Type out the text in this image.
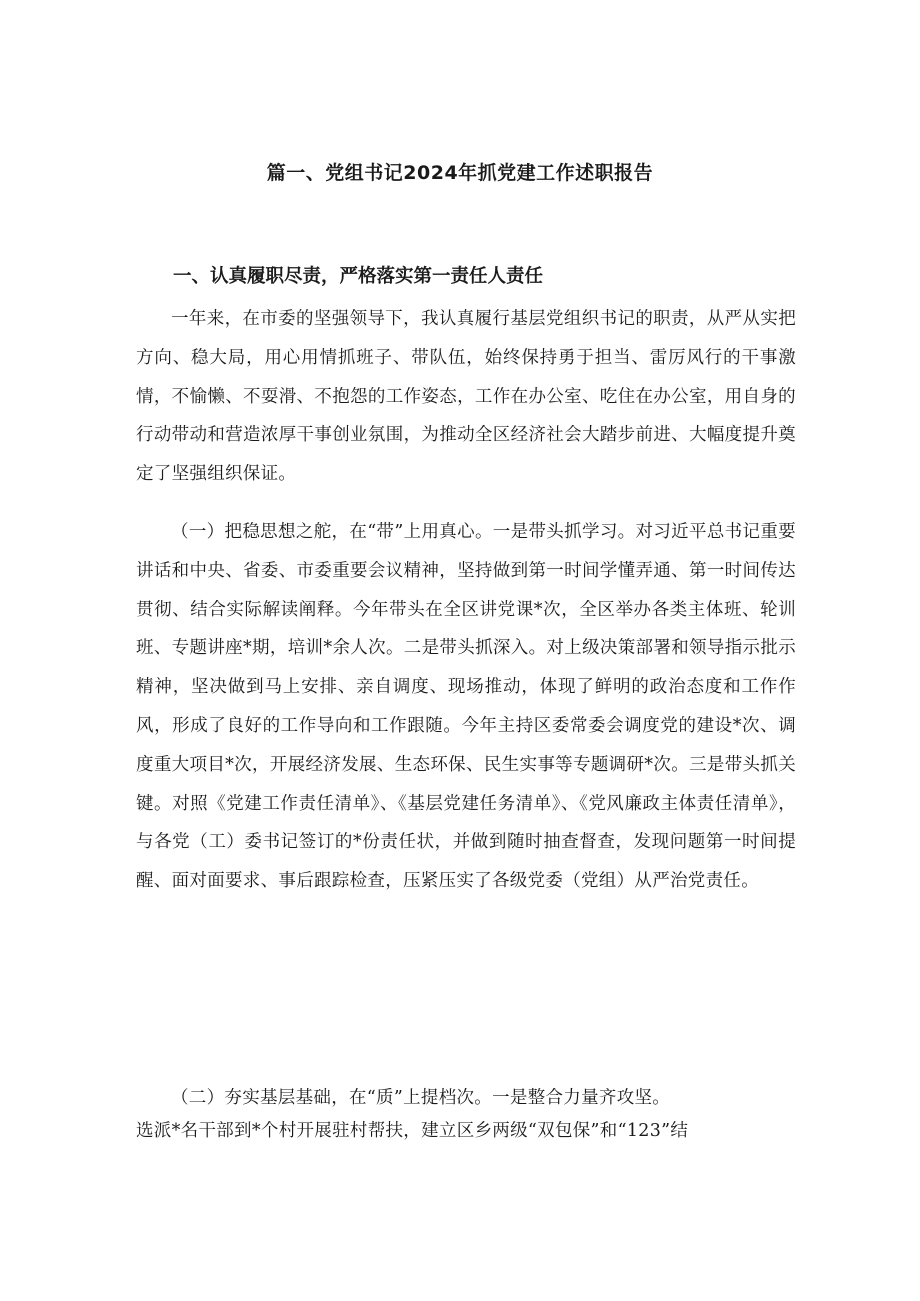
篇一、党组书记2024年抓党建工作述职报告
一、认真履职尽责，严格落实第一责任人责任

一年来，在市委的坚强领导下，我认真履行基层党组织书记的职责，从严从实把方向、稳大局，用心用情抓班子、带队伍，始终保持勇于担当、雷厉风行的干事激情，不愉懒、不耍滑、不抱怨的工作姿态，工作在办公室、吃住在办公室，用自身的行动带动和营造浓厚干事创业氛围，为推动全区经济社会大踏步前进、大幅度提升奠定了坚强组织保证。

（一）把稳思想之舵，在“带”上用真心。一是带头抓学习。对习近平总书记重要讲话和中央、省委、市委重要会议精神，坚持做到第一时间学懂弄通、第一时间传达贯彻、结合实际解读阐释。今年带头在全区讲党课*次，全区举办各类主体班、轮训班、专题讲座*期，培训*余人次。二是带头抓深入。对上级决策部署和领导指示批示精神，坚决做到马上安排、亲自调度、现场推动，体现了鲜明的政治态度和工作作风，形成了良好的工作导向和工作跟随。今年主持区委常委会调度党的建设*次、调度重大项目*次，开展经济发展、生态环保、民生实事等专题调研*次。三是带头抓关键。对照《党建工作责任清单》、《基层党建任务清单》、《党风廉政主体责任清单》，与各党（工）委书记签订的*份责任状，并做到随时抽查督查，发现问题第一时间提醒、面对面要求、事后跟踪检查，压紧压实了各级党委（党组）从严治党责任。

（二）夯实基层基础，在“质”上提档次。一是整合力量齐攻坚。

选派*名干部到*个村开展驻村帮扶，建立区乡两级“双包保”和“123”结
